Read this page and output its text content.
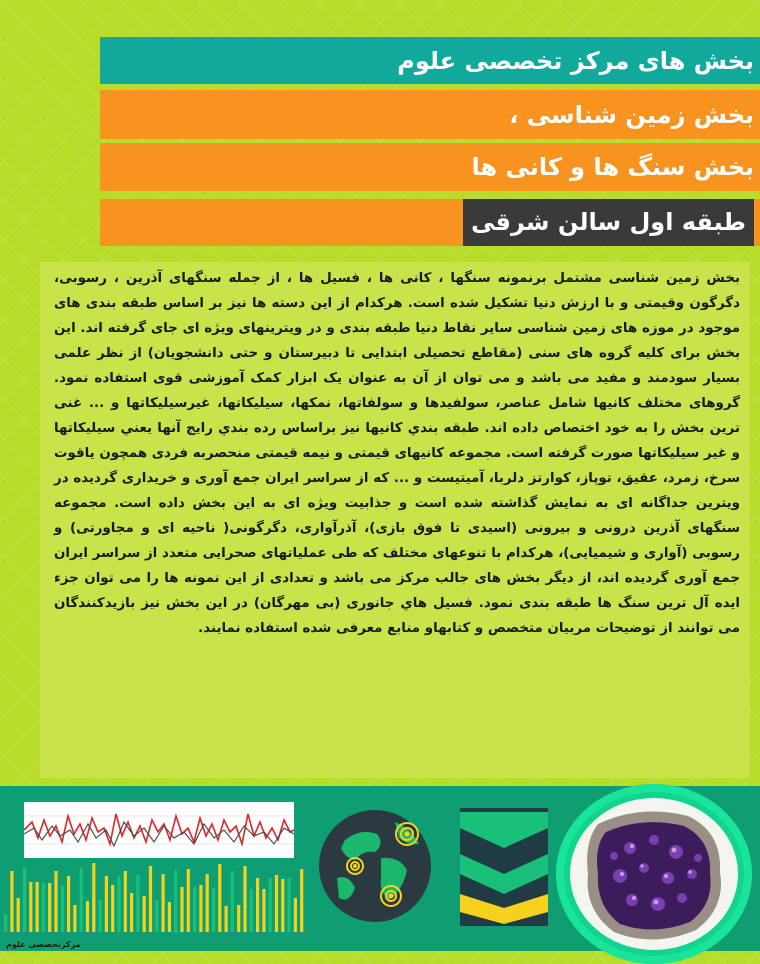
بخش های مرکز تخصصی علوم
بخش زمین شناسی ،
بخش سنگ ها و کانی ها
طبقه اول سالن شرقی
بخش زمین شناسی مشتمل برنمونه سنگها ، کانی ها ، فسیل ها ، از جمله سنگهای آذرین ، رسوبی، دگرگون وقیمتی و با ارزش دنیا تشکیل شده است. هرکدام از این دسته ها نیز بر اساس طبقه بندی های موجود در موزه های زمین شناسی سایر نقاط دنیا طبقه بندی و در ویترینهای ویژه ای جای گرفته اند. این بخش برای کلیه گروه های سنی (مقاطع تحصیلی ابتدایی تا دبیرستان و حتی دانشجویان) از نظر علمی بسیار سودمند و مفید می باشد و می توان از آن به عنوان یک ابزار کمک آموزشی قوی استفاده نمود. گروهای مختلف کانیها شامل عناصر، سولفیدها و سولفاتها، نمکها، سیلیکاتها، غیرسیلیکاتها و ... غنی ترین بخش را به خود اختصاص داده اند. طبقه بندي كانيها نيز براساس رده بندي رايج آنها يعني سيليكاتها و غير سيليكاتها صورت گرفته است. مجموعه کانیهای قیمتی و نیمه قیمتی منحصربه فردی همچون یاقوت سرخ، زمرد، عقیق، توپاز، کوارتز دلربا، آمیتیست و ... که از سراسر ایران جمع آوری و خریداری گردیده در ویترین جداگانه ای به نمایش گذاشته شده است و جذابیت ویژه ای به این بخش داده است. مجموعه سنگهای آذرین درونی و بیرونی (اسیدی تا فوق بازی)، آذرآواری، دگرگونی( ناحیه ای و مجاورتی) و رسوبی (آواری و شیمیایی)، هرکدام با تنوعهای مختلف که طی عملیاتهای صحرایی متعدد از سراسر ایران جمع آوری گردیده اند، از دیگر بخش های جالب مرکز می باشد و تعدادی از این نمونه ها را می توان جزء ایده آل ترین سنگ ها طبقه بندی نمود. فسیل هاي جانوری (بی مهرگان) در این بخش نیز بازیدکنندگان می توانند از توضیحات مربیان متخصص و کتابهاو منابع معرفی شده استفاده نمایند.
مرکزتخصصی علوم
